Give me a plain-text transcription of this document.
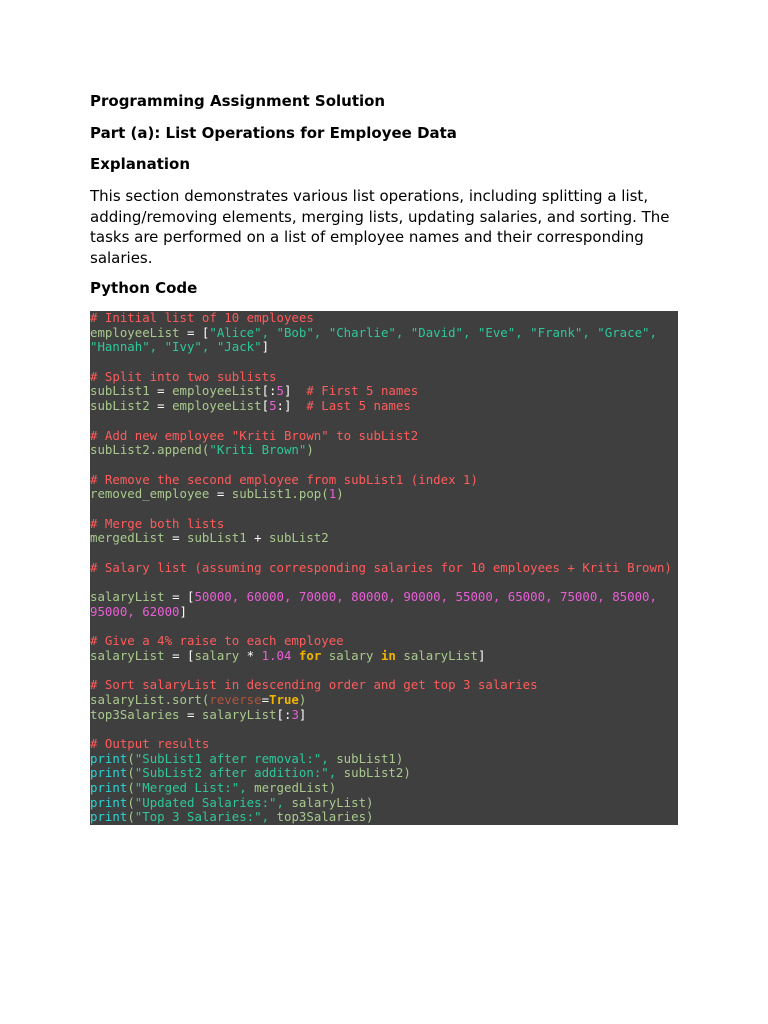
Programming Assignment Solution
Part (a): List Operations for Employee Data
Explanation
This section demonstrates various list operations, including splitting a list, adding/removing elements, merging lists, updating salaries, and sorting. The tasks are performed on a list of employee names and their corresponding salaries.
Python Code
# Initial list of 10 employees
employeeList = ["Alice", "Bob", "Charlie", "David", "Eve", "Frank", "Grace",
"Hannah", "Ivy", "Jack"]

# Split into two sublists
subList1 = employeeList[:5]  # First 5 names
subList2 = employeeList[5:]  # Last 5 names

# Add new employee "Kriti Brown" to subList2
subList2.append("Kriti Brown")

# Remove the second employee from subList1 (index 1)
removed_employee = subList1.pop(1)

# Merge both lists
mergedList = subList1 + subList2

# Salary list (assuming corresponding salaries for 10 employees + Kriti Brown)

salaryList = [50000, 60000, 70000, 80000, 90000, 55000, 65000, 75000, 85000,
95000, 62000]

# Give a 4% raise to each employee
salaryList = [salary * 1.04 for salary in salaryList]

# Sort salaryList in descending order and get top 3 salaries
salaryList.sort(reverse=True)
top3Salaries = salaryList[:3]

# Output results
print("SubList1 after removal:", subList1)
print("SubList2 after addition:", subList2)
print("Merged List:", mergedList)
print("Updated Salaries:", salaryList)
print("Top 3 Salaries:", top3Salaries)
